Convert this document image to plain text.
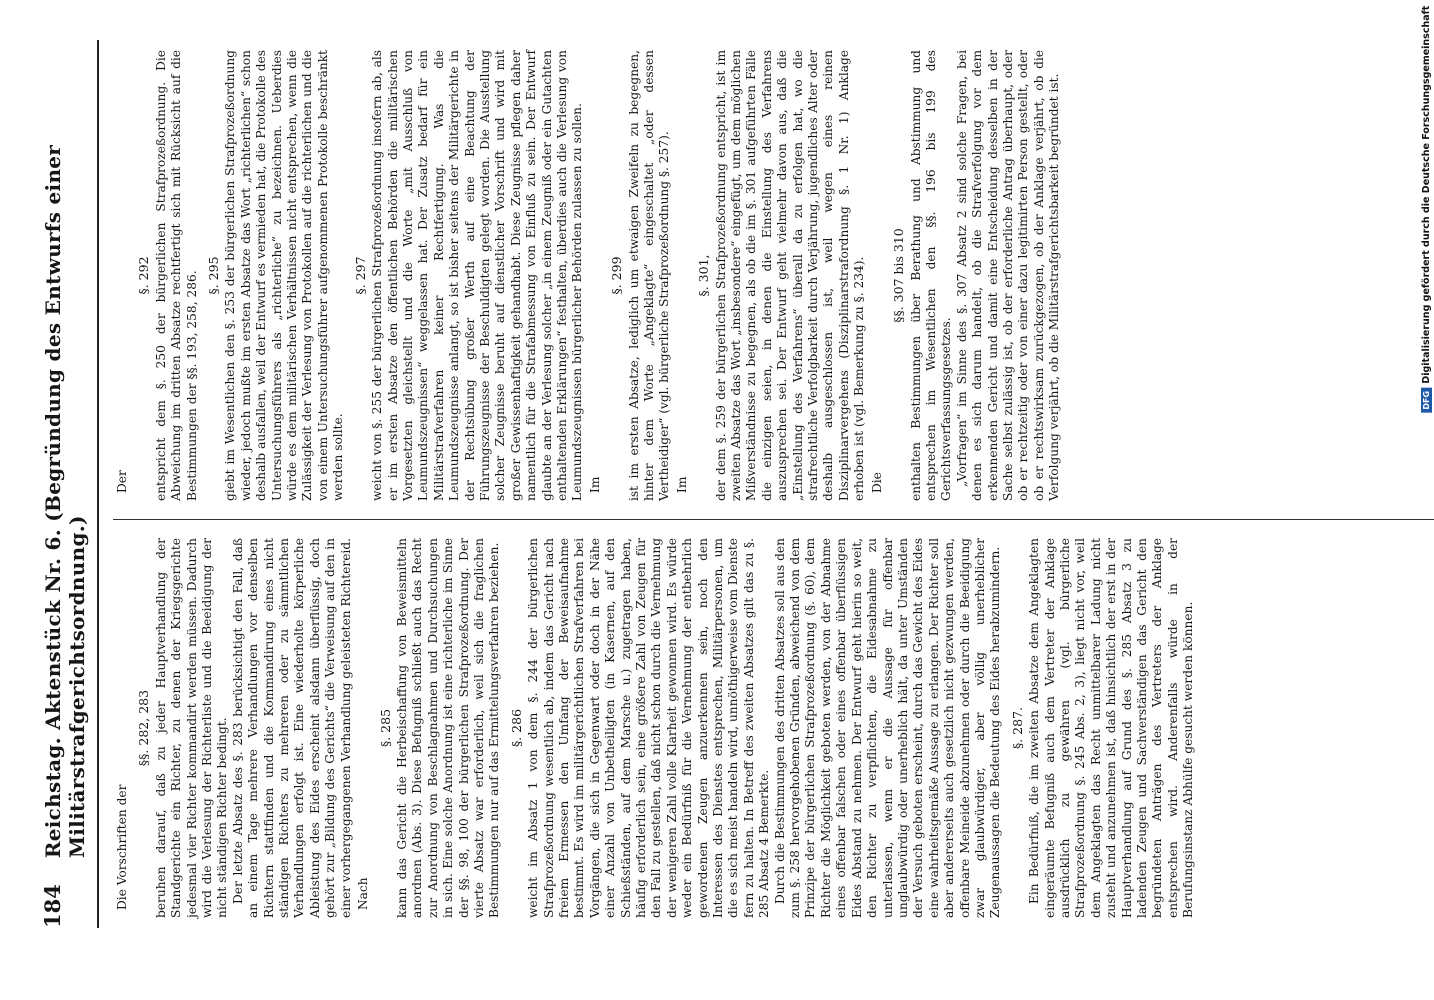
DFG
Digitalisierung gefördert durch die Deutsche Forschungsgemeinschaft
184
Reichstag. Aktenstück Nr. 6. (Begründung des Entwurfs einer Militärstrafgerichtsordnung.) Die Vorschriften der
§§. 282, 283 beruhen darauf, daß zu jeder Hauptverhandlung der Standgerichte ein Richter, zu denen der Kriegsgerichte jedesmal vier Richter kommandirt werden müssen. Dadurch wird die Verlesung der Richterliste und die Beeidigung der nicht ständigen Richter bedingt. Der letzte Absatz des §. 283 berücksichtigt den Fall, daß an einem Tage mehrere Verhandlungen vor denselben Richtern stattfinden und die Kommandirung eines nicht ständigen Richters zu mehreren oder zu sämmtlichen Verhandlungen erfolgt ist. Eine wiederholte körperliche Ableistung des Eides erscheint alsdann überflüssig, doch gehört zur „Bildung des Gerichts“ die Verweisung auf den in einer vorhergegangenen Verhandlung geleisteten Richtereid. Nach
§. 285 kann das Gericht die Herbeischaffung von Beweismitteln anordnen (Abs. 3). Diese Befugniß schließt auch das Recht zur Anordnung von Beschlagnahmen und Durchsuchungen in sich. Eine solche Anordnung ist eine richterliche im Sinne der §§. 98, 100 der bürgerlichen Strafprozeßordnung. Der vierte Absatz war erforderlich, weil sich die fraglichen Bestimmungen nur auf das Ermittelungsverfahren beziehen. §. 286 weicht im Absatz 1 von dem §. 244 der bürgerlichen Strafprozeßordnung wesentlich ab, indem das Gericht nach freiem Ermessen den Umfang der Beweisaufnahme bestimmt. Es wird im militärgerichtlichen Strafverfahren bei Vorgängen, die sich in Gegenwart oder doch in der Nähe einer Anzahl von Unbetheiligten (in Kasernen, auf den Schießständen, auf dem Marsche u.) zugetragen haben, häufig erforderlich sein, eine größere Zahl von Zeugen für den Fall zu gestellen, daß nicht schon durch die Vernehmung der wenigeren Zahl volle Klarheit gewonnen wird. Es würde weder ein Bedürfniß für die Vernehmung der entbehrlich gewordenen Zeugen anzuerkennen sein, noch den Interessen des Dienstes entsprechen, Militärpersonen, um die es sich meist handeln wird, unnöthigerweise vom Dienste fern zu halten. In Betreff des zweiten Absatzes gilt das zu §. 285 Absatz 4 Bemerkte. Durch die Bestimmungen des dritten Absatzes soll aus den zum §. 258 hervorgehobenen Gründen, abweichend von dem Prinzipe der bürgerlichen Strafprozeßordnung (§. 60), dem Richter die Möglichkeit geboten werden, von der Abnahme eines offenbar falschen oder eines offenbar überflüssigen Eides Abstand zu nehmen. Der Entwurf geht hierin so weit, den Richter zu verpflichten, die Eidesabnahme zu unterlassen, wenn er die Aussage für offenbar unglaubwürdig oder unerheblich hält, da unter Umständen der Versuch geboten erscheint, durch das Gewicht des Eides eine wahrheitsgemäße Aussage zu erlangen. Der Richter soll aber andererseits auch gesetzlich nicht gezwungen werden, offenbare Meineide abzunehmen oder durch die Beeidigung zwar glaubwürdiger, aber völlig unerheblicher Zeugenaussagen die Bedeutung des Eides herabzumindern. §. 287. Ein Bedürfniß, die im zweiten Absatze dem Angeklagten eingeräumte Befugniß auch dem Vertreter der Anklage ausdrücklich zu gewähren (vgl. bürgerliche Strafprozeßordnung §. 245 Abs. 2, 3), liegt nicht vor, weil dem Angeklagten das Recht unmittelbarer Ladung nicht zusteht und anzunehmen ist, daß hinsichtlich der erst in der Hauptverhandlung auf Grund des §. 285 Absatz 3 zu ladenden Zeugen und Sachverständigen das Gericht den begründeten Anträgen des Vertreters der Anklage entsprechen wird. Anderenfalls würde in der Berufungsinstanz Abhülfe gesucht werden können.

Der
§. 292 entspricht dem §. 250 der bürgerlichen Strafprozeßordnung. Die Abweichung im dritten Absatze rechtfertigt sich mit Rücksicht auf die Bestimmungen der §§. 193, 258, 286. §. 295 giebt im Wesentlichen den §. 253 der bürgerlichen Strafprozeßordnung wieder, jedoch mußte im ersten Absatze das Wort „richterlichen“ schon deshalb ausfallen, weil der Entwurf es vermieden hat, die Protokolle des Untersuchungsführers als „richterliche“ zu bezeichnen. Ueberdies würde es dem militärischen Verhältnissen nicht entsprechen, wenn die Zulässigkeit der Verlesung von Protokollen auf die richterlichen und die von einem Untersuchungsführer aufgenommenen Protokolle beschränkt werden sollte.

§. 297 weicht von §. 255 der bürgerlichen Strafprozeßordnung insofern ab, als er im ersten Absatze den öffentlichen Behörden die militärischen Vorgesetzten gleichstellt und die Worte „mit Ausschluß von Leumundszeugnissen“ weggelassen hat. Der Zusatz bedarf für ein Militärstrafverfahren keiner Rechtfertigung. Was die Leumundszeugnisse anlangt, so ist bisher seitens der Militärgerichte in der Rechtsübung großer Werth auf eine Beachtung der Führungszeugnisse der Beschuldigten gelegt worden. Die Ausstellung solcher Zeugnisse beruht auf dienstlicher Vorschrift und wird mit großer Gewissenhaftigkeit gehandhabt. Diese Zeugnisse pflegen daher namentlich für die Strafabmessung von Einfluß zu sein. Der Entwurf glaubte an der Verlesung solcher „in einem Zeugniß oder ein Gutachten enthaltenden Erklärungen“ festhalten, überdies auch die Verlesung von Leumundszeugnissen bürgerlicher Behörden zulassen zu sollen. Im
§. 299 ist im ersten Absatze, lediglich um etwaigen Zweifeln zu begegnen, hinter dem Worte „Angeklagte“ eingeschaltet „oder dessen Vertheidiger“ (vgl. bürgerliche Strafprozeßordnung §. 257). Im
§. 301, der dem §. 259 der bürgerlichen Strafprozeßordnung entspricht, ist im zweiten Absatze das Wort „insbesondere“ eingefügt, um dem möglichen Mißverständnisse zu begegnen, als ob die im §. 301 aufgeführten Fälle die einzigen seien, in denen die Einstellung des Verfahrens auszusprechen sei. Der Entwurf geht vielmehr davon aus, daß die „Einstellung des Verfahrens“ überall da zu erfolgen hat, wo die strafrechtliche Verfolgbarkeit durch Verjährung, jugendliches Alter oder deshalb ausgeschlossen ist, weil wegen eines reinen Disziplinarvergehens (Disziplinarstrafordnung §. 1 Nr. 1) Anklage erhoben ist (vgl. Bemerkung zu §. 234). Die
§§. 307 bis 310 enthalten Bestimmungen über Berathung und Abstimmung und entsprechen im Wesentlichen den §§. 196 bis 199 des Gerichtsverfassungsgesetzes. „Vorfragen“ im Sinne des §. 307 Absatz 2 sind solche Fragen, bei denen es sich darum handelt, ob die Strafverfolgung vor dem erkennenden Gericht und damit eine Entscheidung desselben in der Sache selbst zulässig ist, ob der erforderliche Antrag überhaupt, oder ob er rechtzeitig oder von einer dazu legitimirten Person gestellt, oder ob er rechtswirksam zurückgezogen, ob der Anklage verjährt, ob die Verfolgung verjährt, ob die Militärstrafgerichtsbarkeit begründet ist.
